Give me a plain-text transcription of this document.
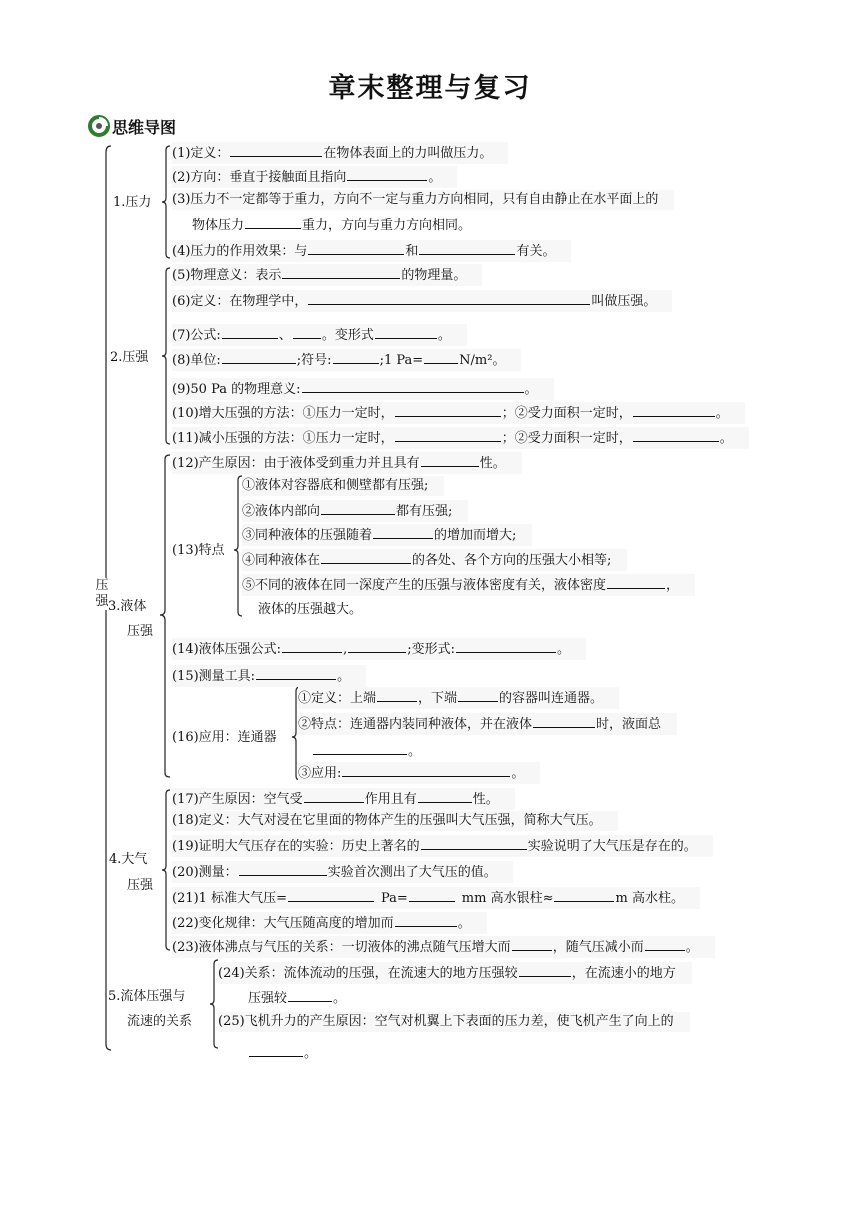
章末整理与复习
思维导图
压强
1.压力
2.压强
3.液体
压强
4.大气
压强
5.流体压强与
流速的关系
(1)定义：	在物体表面上的力叫做压力。
(2)方向：垂直于接触面且指向	。
(3)压力不一定都等于重力，方向不一定与重力方向相同，只有自由静止在水平面上的
物体压力	重力，方向与重力方向相同。
(4)压力的作用效果：与	和	有关。
(5)物理意义：表示	的物理量。
(6)定义：在物理学中，	叫做压强。
(7)公式:	、 。变形式	。
(8)单位:	;符号:	;1 Pa=	N/m²。
(9)50 Pa 的物理意义:	。
(10)增大压强的方法：①压力一定时，	；②受力面积一定时，	。
(11)减小压强的方法：①压力一定时，	；②受力面积一定时，	。
(12)产生原因：由于液体受到重力并且具有	性。
(13)特点
①液体对容器底和侧壁都有压强;
②液体内部向	都有压强;
③同种液体的压强随着	的增加而增大;
④同种液体在	的各处、各个方向的压强大小相等;
⑤不同的液体在同一深度产生的压强与液体密度有关，液体密度	，
液体的压强越大。
(14)液体压强公式:	,	;变形式:	。
(15)测量工具:	。
(16)应用：连通器
①定义：上端	，下端	的容器叫连通器。
②特点：连通器内装同种液体，并在液体	时，液面总
。
③应用:	。
(17)产生原因：空气受	作用且有	性。
(18)定义：大气对浸在它里面的物体产生的压强叫大气压强，简称大气压。
(19)证明大气压存在的实验：历史上著名的	实验说明了大气压是存在的。
(20)测量：	实验首次测出了大气压的值。
(21)1 标准大气压=	Pa=	mm 高水银柱≈	m 高水柱。
(22)变化规律：大气压随高度的增加而	。
(23)液体沸点与气压的关系：一切液体的沸点随气压增大而	，随气压减小而	。
(24)关系：流体流动的压强，在流速大的地方压强较	，在流速小的地方
压强较	。
(25)飞机升力的产生原因：空气对机翼上下表面的压力差，使飞机产生了向上的
。
